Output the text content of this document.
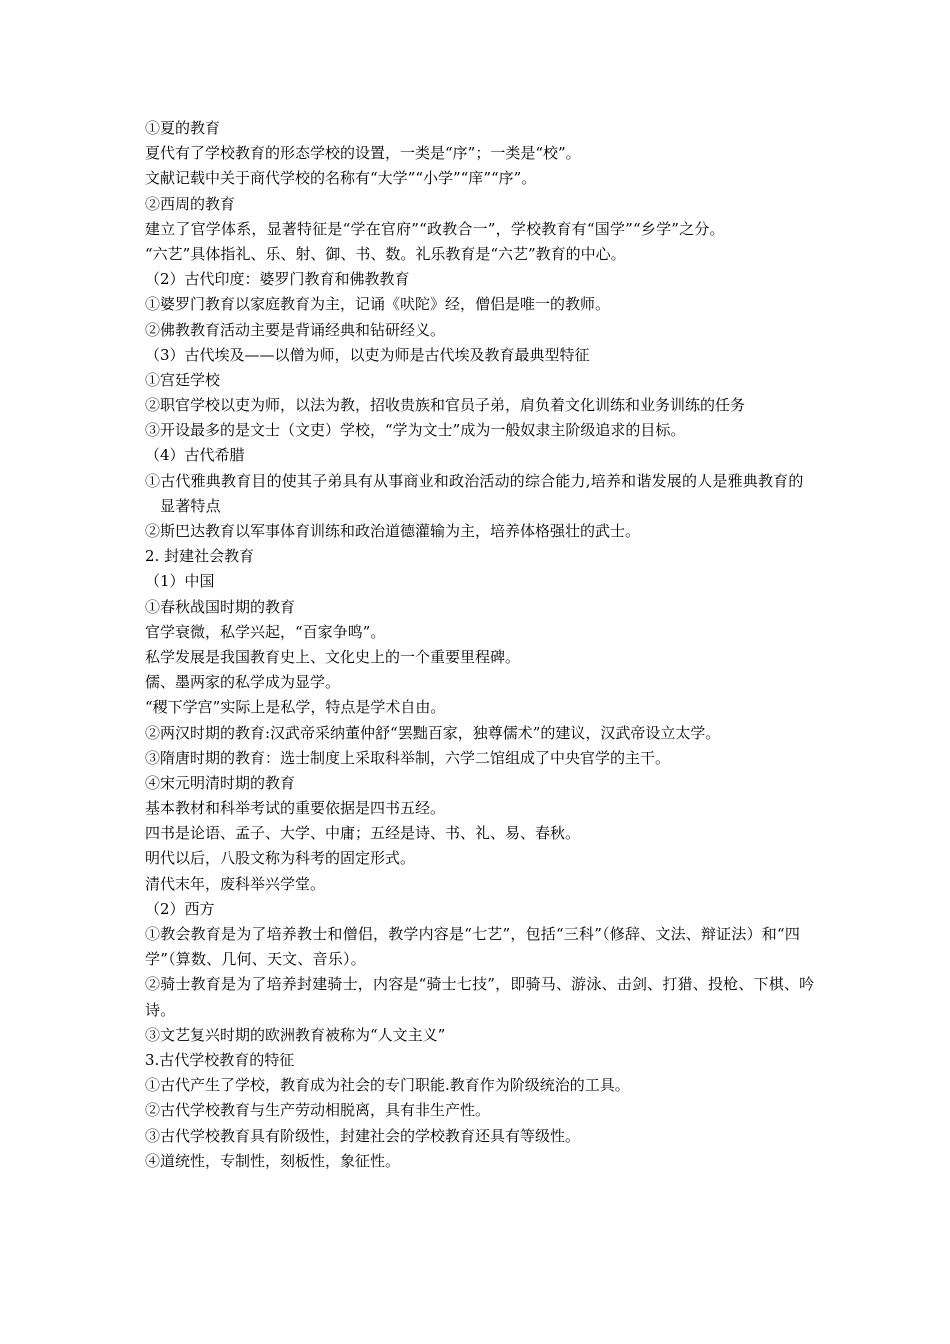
①夏的教育
夏代有了学校教育的形态学校的设置，一类是“序”；一类是“校”。
文献记载中关于商代学校的名称有“大学”“小学”“庠”“序”。
②西周的教育
建立了官学体系，显著特征是“学在官府”“政教合一”，学校教育有“国学”“乡学”之分。
“六艺”具体指礼、乐、射、御、书、数。礼乐教育是“六艺”教育的中心。
（2）古代印度：婆罗门教育和佛教教育
①婆罗门教育以家庭教育为主，记诵《吠陀》经，僧侣是唯一的教师。
②佛教教育活动主要是背诵经典和钻研经义。
（3）古代埃及——以僧为师，以吏为师是古代埃及教育最典型特征
①宫廷学校
②职官学校以吏为师，以法为教，招收贵族和官员子弟，肩负着文化训练和业务训练的任务
③开设最多的是文士（文吏）学校，“学为文士”成为一般奴隶主阶级追求的目标。
（4）古代希腊
①古代雅典教育目的使其子弟具有从事商业和政治活动的综合能力,培养和谐发展的人是雅典教育的显著特点
②斯巴达教育以军事体育训练和政治道德灌输为主，培养体格强壮的武士。
2. 封建社会教育
（1）中国
①春秋战国时期的教育
官学衰微，私学兴起，“百家争鸣”。
私学发展是我国教育史上、文化史上的一个重要里程碑。
儒、墨两家的私学成为显学。
“稷下学宫”实际上是私学，特点是学术自由。
②两汉时期的教育:汉武帝采纳董仲舒“罢黜百家，独尊儒术”的建议，汉武帝设立太学。
③隋唐时期的教育：选士制度上采取科举制，六学二馆组成了中央官学的主干。
④宋元明清时期的教育
基本教材和科举考试的重要依据是四书五经。
四书是论语、孟子、大学、中庸；五经是诗、书、礼、易、春秋。
明代以后，八股文称为科考的固定形式。
清代末年，废科举兴学堂。
（2）西方
①教会教育是为了培养教士和僧侣，教学内容是“七艺”，包括“三科”（修辞、文法、辩证法）和“四学”（算数、几何、天文、音乐）。
②骑士教育是为了培养封建骑士，内容是“骑士七技”，即骑马、游泳、击剑、打猎、投枪、下棋、吟诗。
③文艺复兴时期的欧洲教育被称为“人文主义”
3.古代学校教育的特征
①古代产生了学校，教育成为社会的专门职能.教育作为阶级统治的工具。
②古代学校教育与生产劳动相脱离，具有非生产性。
③古代学校教育具有阶级性，封建社会的学校教育还具有等级性。
④道统性，专制性，刻板性，象征性。
